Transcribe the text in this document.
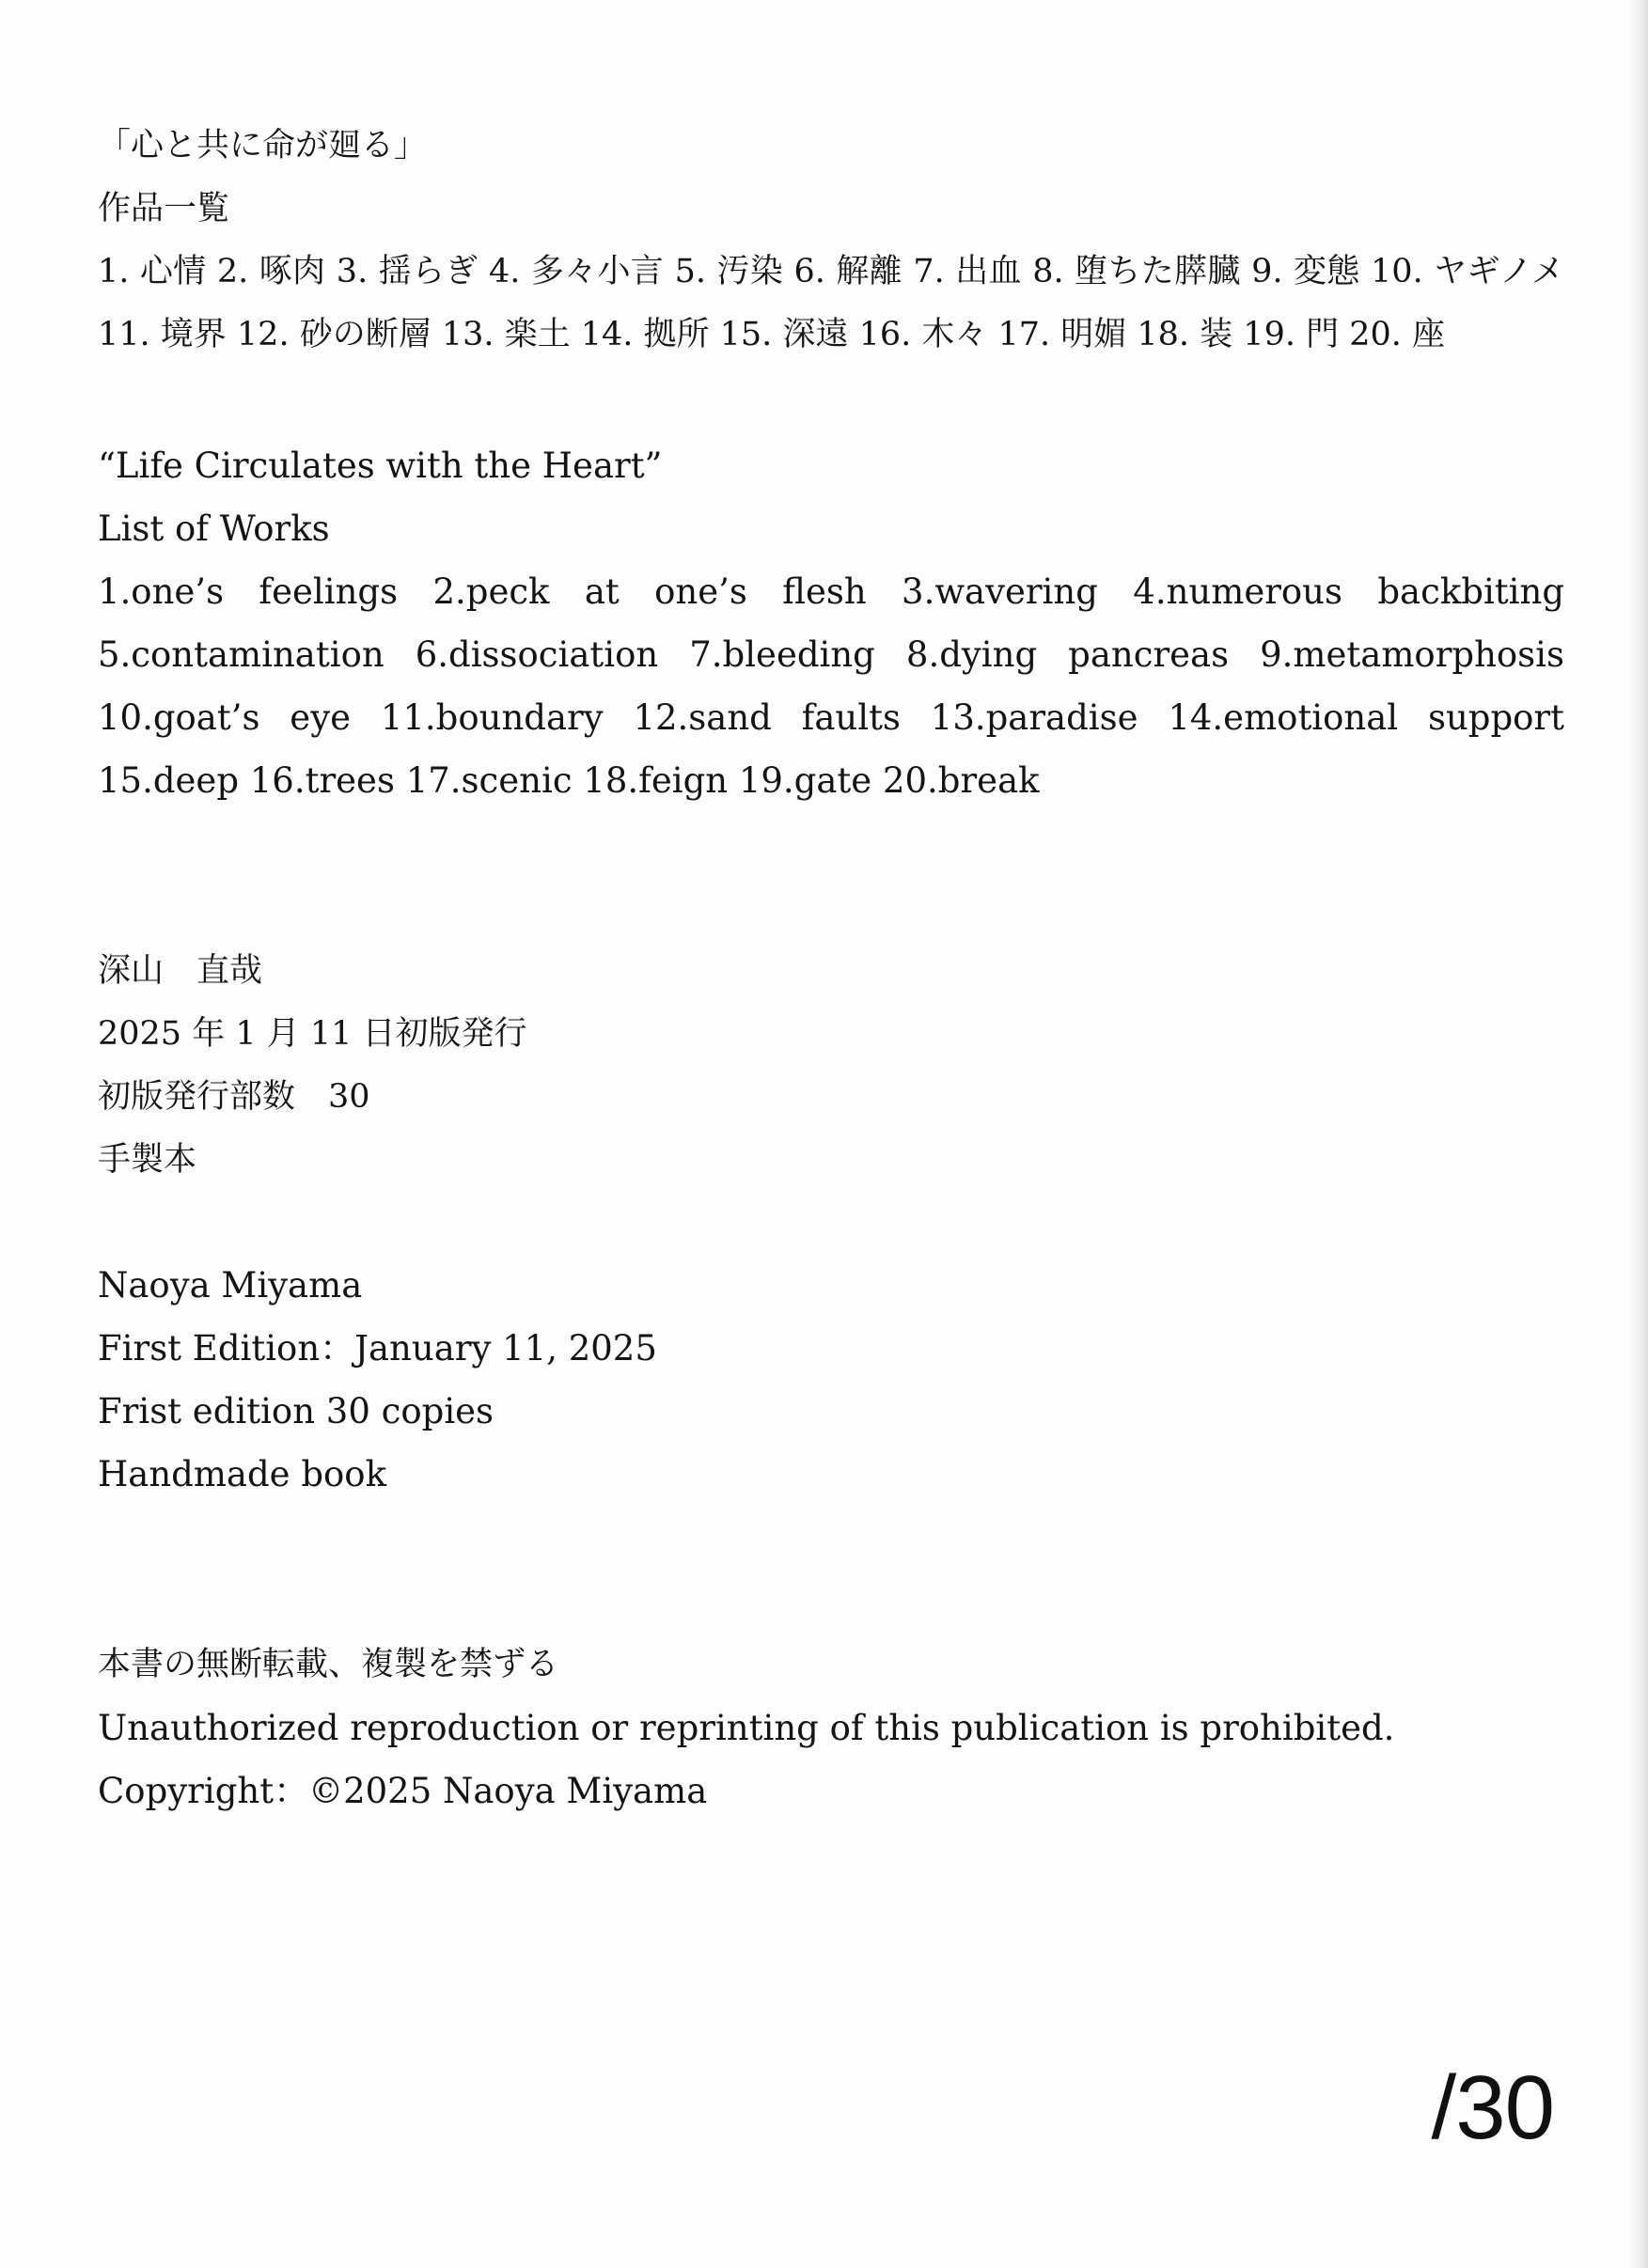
「心と共に命が廻る」
作品一覧
1. 心情 2. 啄肉 3. 揺らぎ 4. 多々小言 5. 汚染 6. 解離 7. 出血 8. 堕ちた膵臓 9. 変態 10. ヤギノメ 11. 境界 12. 砂の断層 13. 楽土 14. 拠所 15. 深遠 16. 木々 17. 明媚 18. 装 19. 門 20. 座
“Life Circulates with the Heart”
List of Works
1.one’s feelings 2.peck at one’s flesh 3.wavering 4.numerous backbiting 5.contamination 6.dissociation 7.bleeding 8.dying pancreas 9.metamorphosis 10.goat’s eye 11.boundary 12.sand faults 13.paradise 14.emotional support 15.deep 16.trees 17.scenic 18.feign 19.gate 20.break
深山　直哉
2025 年 1 月 11 日初版発行
初版発行部数　30
手製本
Naoya Miyama
First Edition：January 11, 2025
Frist edition 30 copies
Handmade book
本書の無断転載、複製を禁ずる
Unauthorized reproduction or reprinting of this publication is prohibited.
Copyright：©2025 Naoya Miyama
/30
